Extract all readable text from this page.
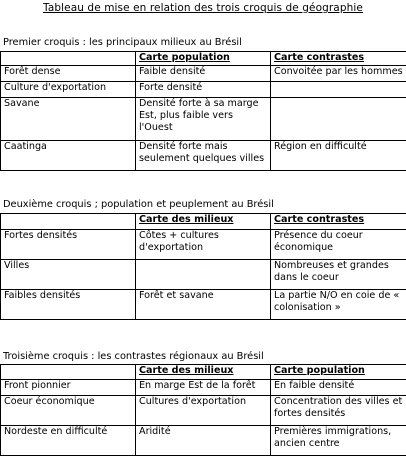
Tableau de mise en relation des trois croquis de géographie
Premier croquis : les principaux milieux au Brésil
	Carte population	Carte contrastes
Forêt dense	Faible densité	Convoitée par les hommes
Culture d'exportation	Forte densité	
Savane	Densité forte à sa marge Est, plus faible vers l'Ouest	
Caatinga	Densité forte mais seulement quelques villes	Région en difficulté
Deuxième croquis ; population et peuplement au Brésil
	Carte des milieux	Carte contrastes
Fortes densités	Côtes + cultures d'exportation	Présence du coeur économique
Villes		Nombreuses et grandes dans le coeur
Faibles densités	Forêt et savane	La partie N/O en coie de « colonisation »
Troisième croquis : les contrastes régionaux au Brésil
	Carte des milieux	Carte population
Front pionnier	En marge Est de la forêt	En faible densité
Coeur économique	Cultures d'exportation	Concentration des villes et fortes densités
Nordeste en difficulté	Aridité	Premières immigrations, ancien centre
